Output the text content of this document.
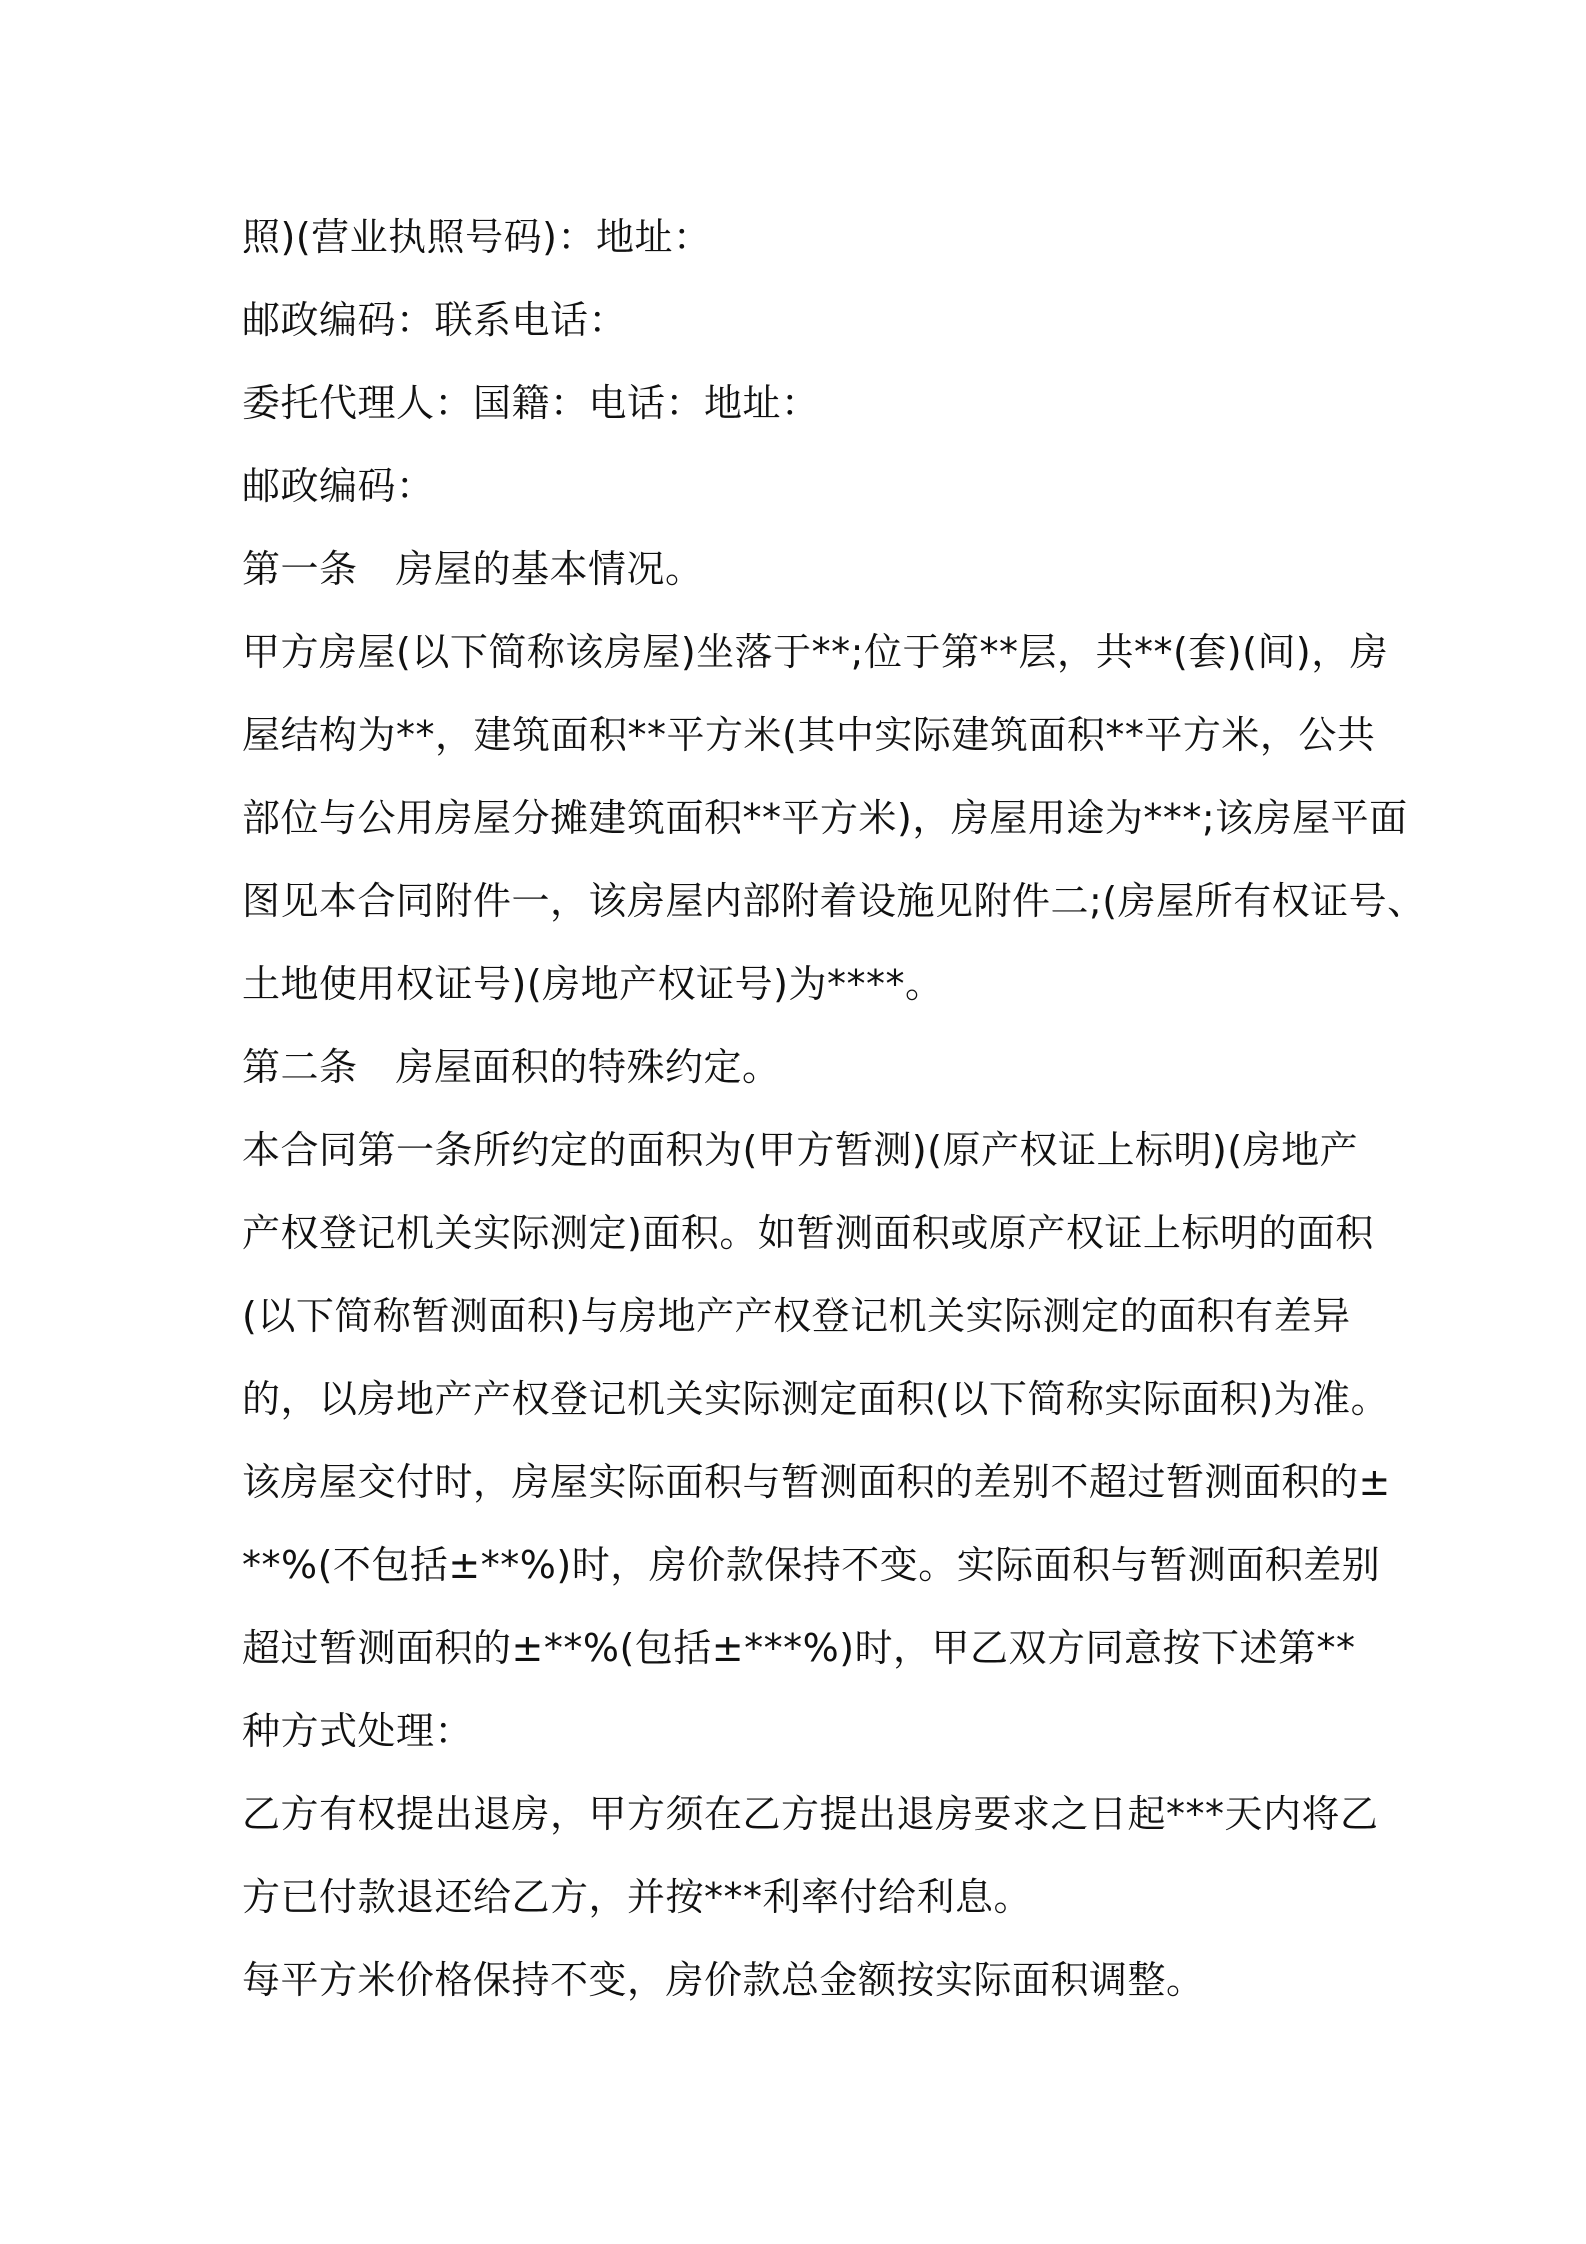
照)(营业执照号码)：地址：
邮政编码：联系电话：
委托代理人：国籍：电话：地址：
邮政编码：
第一条 房屋的基本情况。
甲方房屋(以下简称该房屋)坐落于**;位于第**层，共**(套)(间)，房
屋结构为**，建筑面积**平方米(其中实际建筑面积**平方米，公共
部位与公用房屋分摊建筑面积**平方米)，房屋用途为***;该房屋平面
图见本合同附件一，该房屋内部附着设施见附件二;(房屋所有权证号、
土地使用权证号)(房地产权证号)为****。
第二条 房屋面积的特殊约定。
本合同第一条所约定的面积为(甲方暂测)(原产权证上标明)(房地产
产权登记机关实际测定)面积。如暂测面积或原产权证上标明的面积
(以下简称暂测面积)与房地产产权登记机关实际测定的面积有差异
的，以房地产产权登记机关实际测定面积(以下简称实际面积)为准。
该房屋交付时，房屋实际面积与暂测面积的差别不超过暂测面积的±
**%(不包括±**%)时，房价款保持不变。实际面积与暂测面积差别
超过暂测面积的±**%(包括±***%)时，甲乙双方同意按下述第**
种方式处理：
乙方有权提出退房，甲方须在乙方提出退房要求之日起***天内将乙
方已付款退还给乙方，并按***利率付给利息。
每平方米价格保持不变，房价款总金额按实际面积调整。
